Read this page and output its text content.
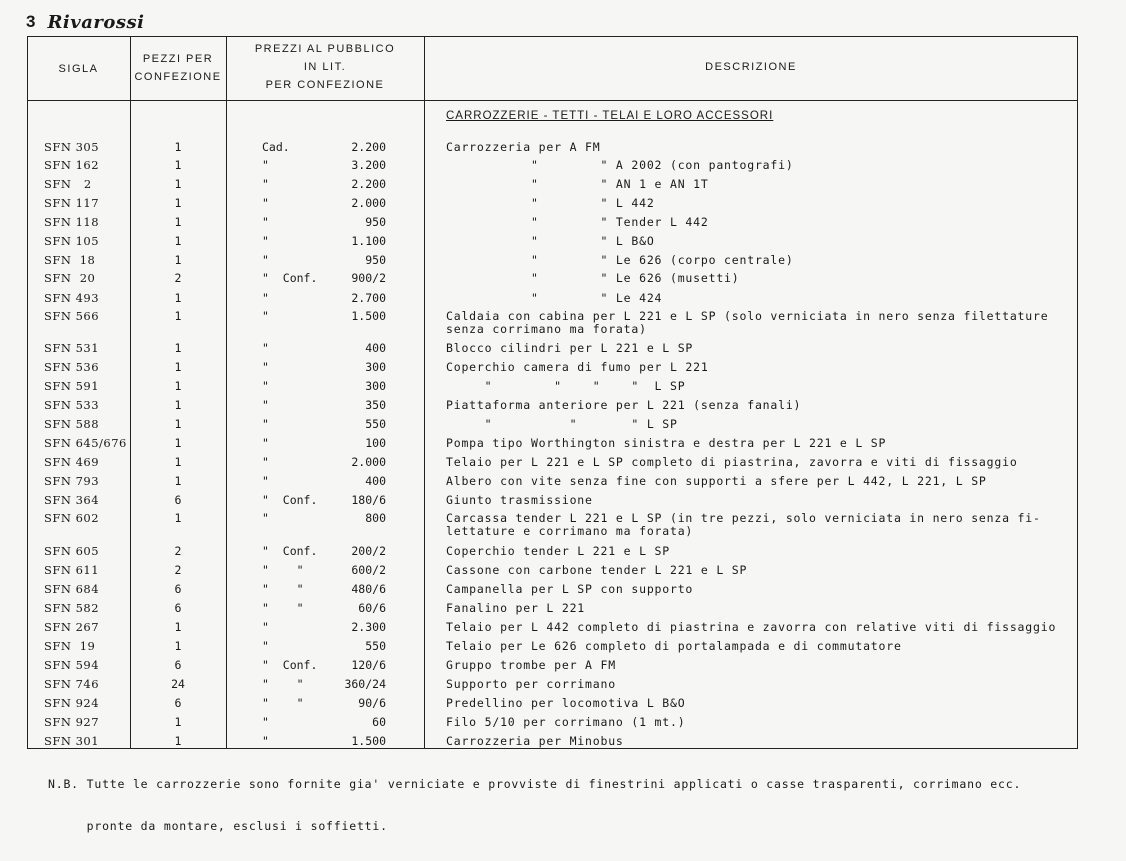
3 Rivarossi
SIGLA
PEZZI PER
CONFEZIONE
PREZZI AL PUBBLICO
IN LIT.
PER CONFEZIONE
DESCRIZIONE
CARROZZERIE - TETTI - TELAI E LORO ACCESSORI
SFN 305	1	Cad.	2.200	Carrozzeria per A FM
SFN 162	1	"	3.200	"        " A 2002 (con pantografi)
SFN   2	1	"	2.200	"        " AN 1 e AN 1T
SFN 117	1	"	2.000	"        " L 442
SFN 118	1	"	950	"        " Tender L 442
SFN 105	1	"	1.100	"        " L B&O
SFN  18	1	"	950	"        " Le 626 (corpo centrale)
SFN  20	2	"  Conf.	900/2	"        " Le 626 (musetti)
SFN 493	1	"	2.700	"        " Le 424
SFN 566	1	"	1.500	Caldaia con cabina per L 221 e L SP (solo verniciata in nero senza filettature
senza corrimano ma forata)
SFN 531	1	"	400	Blocco cilindri per L 221 e L SP
SFN 536	1	"	300	Coperchio camera di fumo per L 221
SFN 591	1	"	300	"        "    "    "  L SP
SFN 533	1	"	350	Piattaforma anteriore per L 221 (senza fanali)
SFN 588	1	"	550	"          "       " L SP
SFN 645/676	1	"	100	Pompa tipo Worthington sinistra e destra per L 221 e L SP
SFN 469	1	"	2.000	Telaio per L 221 e L SP completo di piastrina, zavorra e viti di fissaggio
SFN 793	1	"	400	Albero con vite senza fine con supporti a sfere per L 442, L 221, L SP
SFN 364	6	"  Conf.	180/6	Giunto trasmissione
SFN 602	1	"	800	Carcassa tender L 221 e L SP (in tre pezzi, solo verniciata in nero senza fi-
lettature e corrimano ma forata)
SFN 605	2	"  Conf.	200/2	Coperchio tender L 221 e L SP
SFN 611	2	"    "	600/2	Cassone con carbone tender L 221 e L SP
SFN 684	6	"    "	480/6	Campanella per L SP con supporto
SFN 582	6	"    "	60/6	Fanalino per L 221
SFN 267	1	"	2.300	Telaio per L 442 completo di piastrina e zavorra con relative viti di fissaggio
SFN  19	1	"	550	Telaio per Le 626 completo di portalampada e di commutatore
SFN 594	6	"  Conf.	120/6	Gruppo trombe per A FM
SFN 746	24	"    "	360/24	Supporto per corrimano
SFN 924	6	"    "	90/6	Predellino per locomotiva L B&O
SFN 927	1	"	60	Filo 5/10 per corrimano (1 mt.)
SFN 301	1	"	1.500	Carrozzeria per Minobus

N.B. Tutte le carrozzerie sono fornite gia' verniciate e provviste di finestrini applicati o casse trasparenti, corrimano ecc.

pronte da montare, esclusi i soffietti.
